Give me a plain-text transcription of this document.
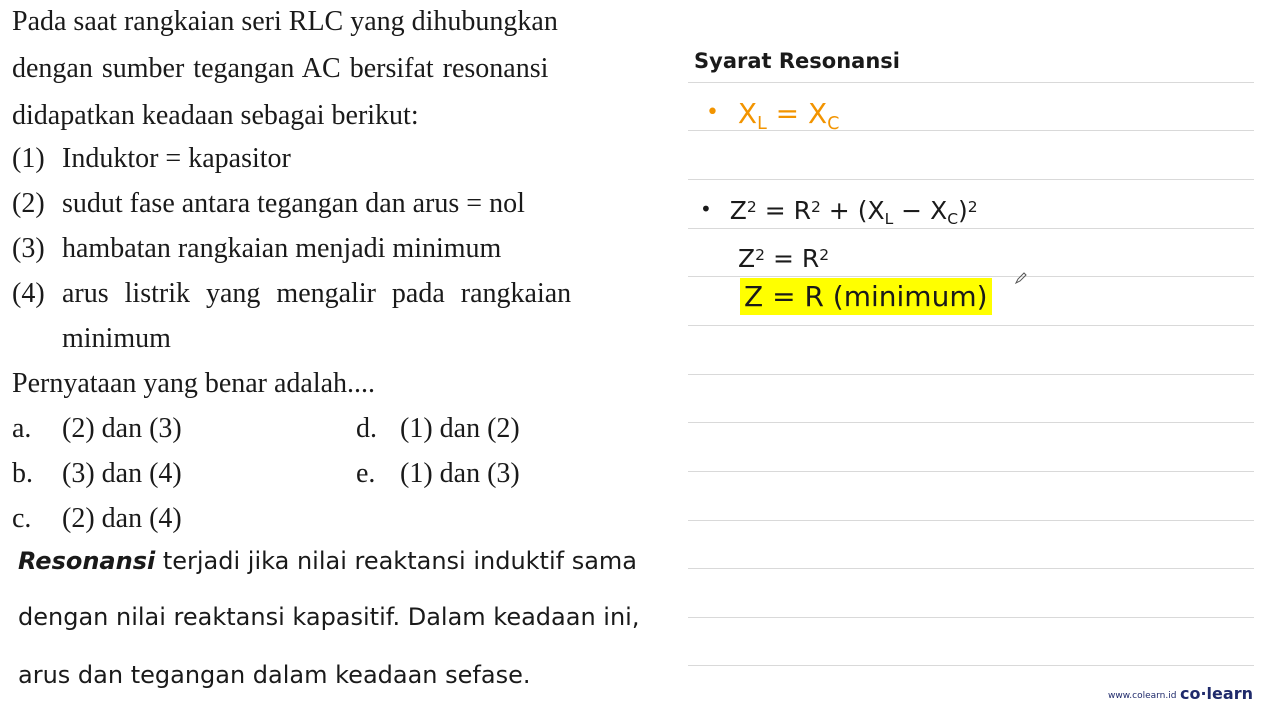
Pada saat rangkaian seri RLC yang dihubungkan
dengan sumber tegangan AC bersifat resonansi
didapatkan keadaan sebagai berikut:
(1) Induktor = kapasitor
(2) sudut fase antara tegangan dan arus = nol
(3) hambatan rangkaian menjadi minimum
(4) arus listrik yang mengalir pada rangkaian
minimum
Pernyataan yang benar adalah....
a. (2) dan (3)
b. (3) dan (4)
c. (2) dan (4)
d. (1) dan (2)
e. (1) dan (3)
Resonansi terjadi jika nilai reaktansi induktif sama
dengan nilai reaktansi kapasitif. Dalam keadaan ini,
arus dan tegangan dalam keadaan sefase.
Syarat Resonansi
• XL = XC
• $Z^2 = R^2 + (XL - XC)^2$
$Z^2 = R^2$
Z = R (minimum)
www.colearn.id co·learn
